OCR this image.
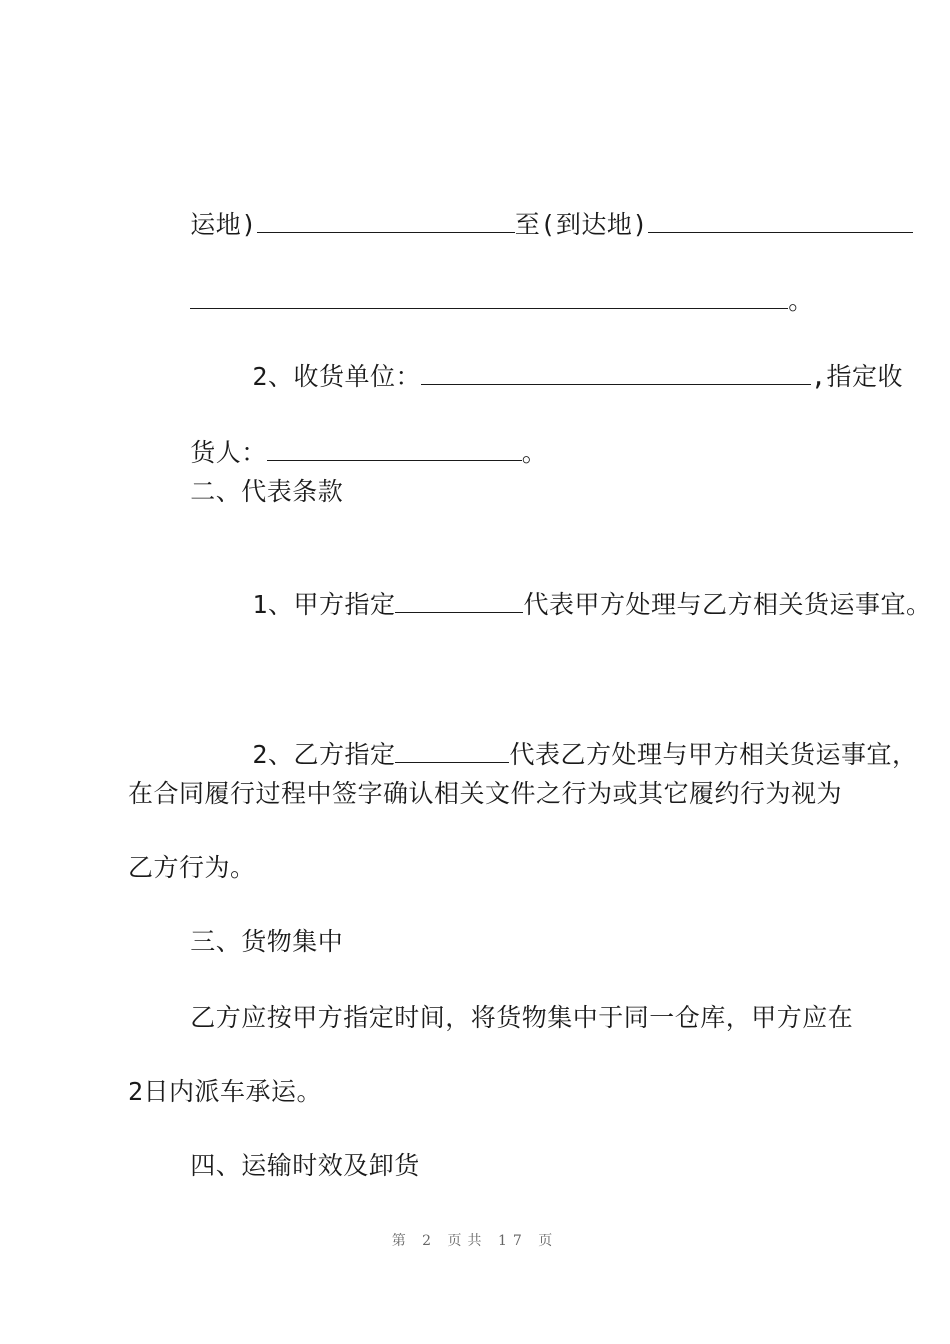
运地)	至(到达地)

。

2、收货单位：	,指定收

货人：	。

二、代表条款

1、甲方指定	代表甲方处理与乙方相关货运事宜。

2、乙方指定	代表乙方处理与甲方相关货运事宜，

在合同履行过程中签字确认相关文件之行为或其它履约行为视为
乙方行为。
三、货物集中
乙方应按甲方指定时间，将货物集中于同一仓库，甲方应在
2日内派车承运。
四、运输时效及卸货
第 2 页共 17 页
